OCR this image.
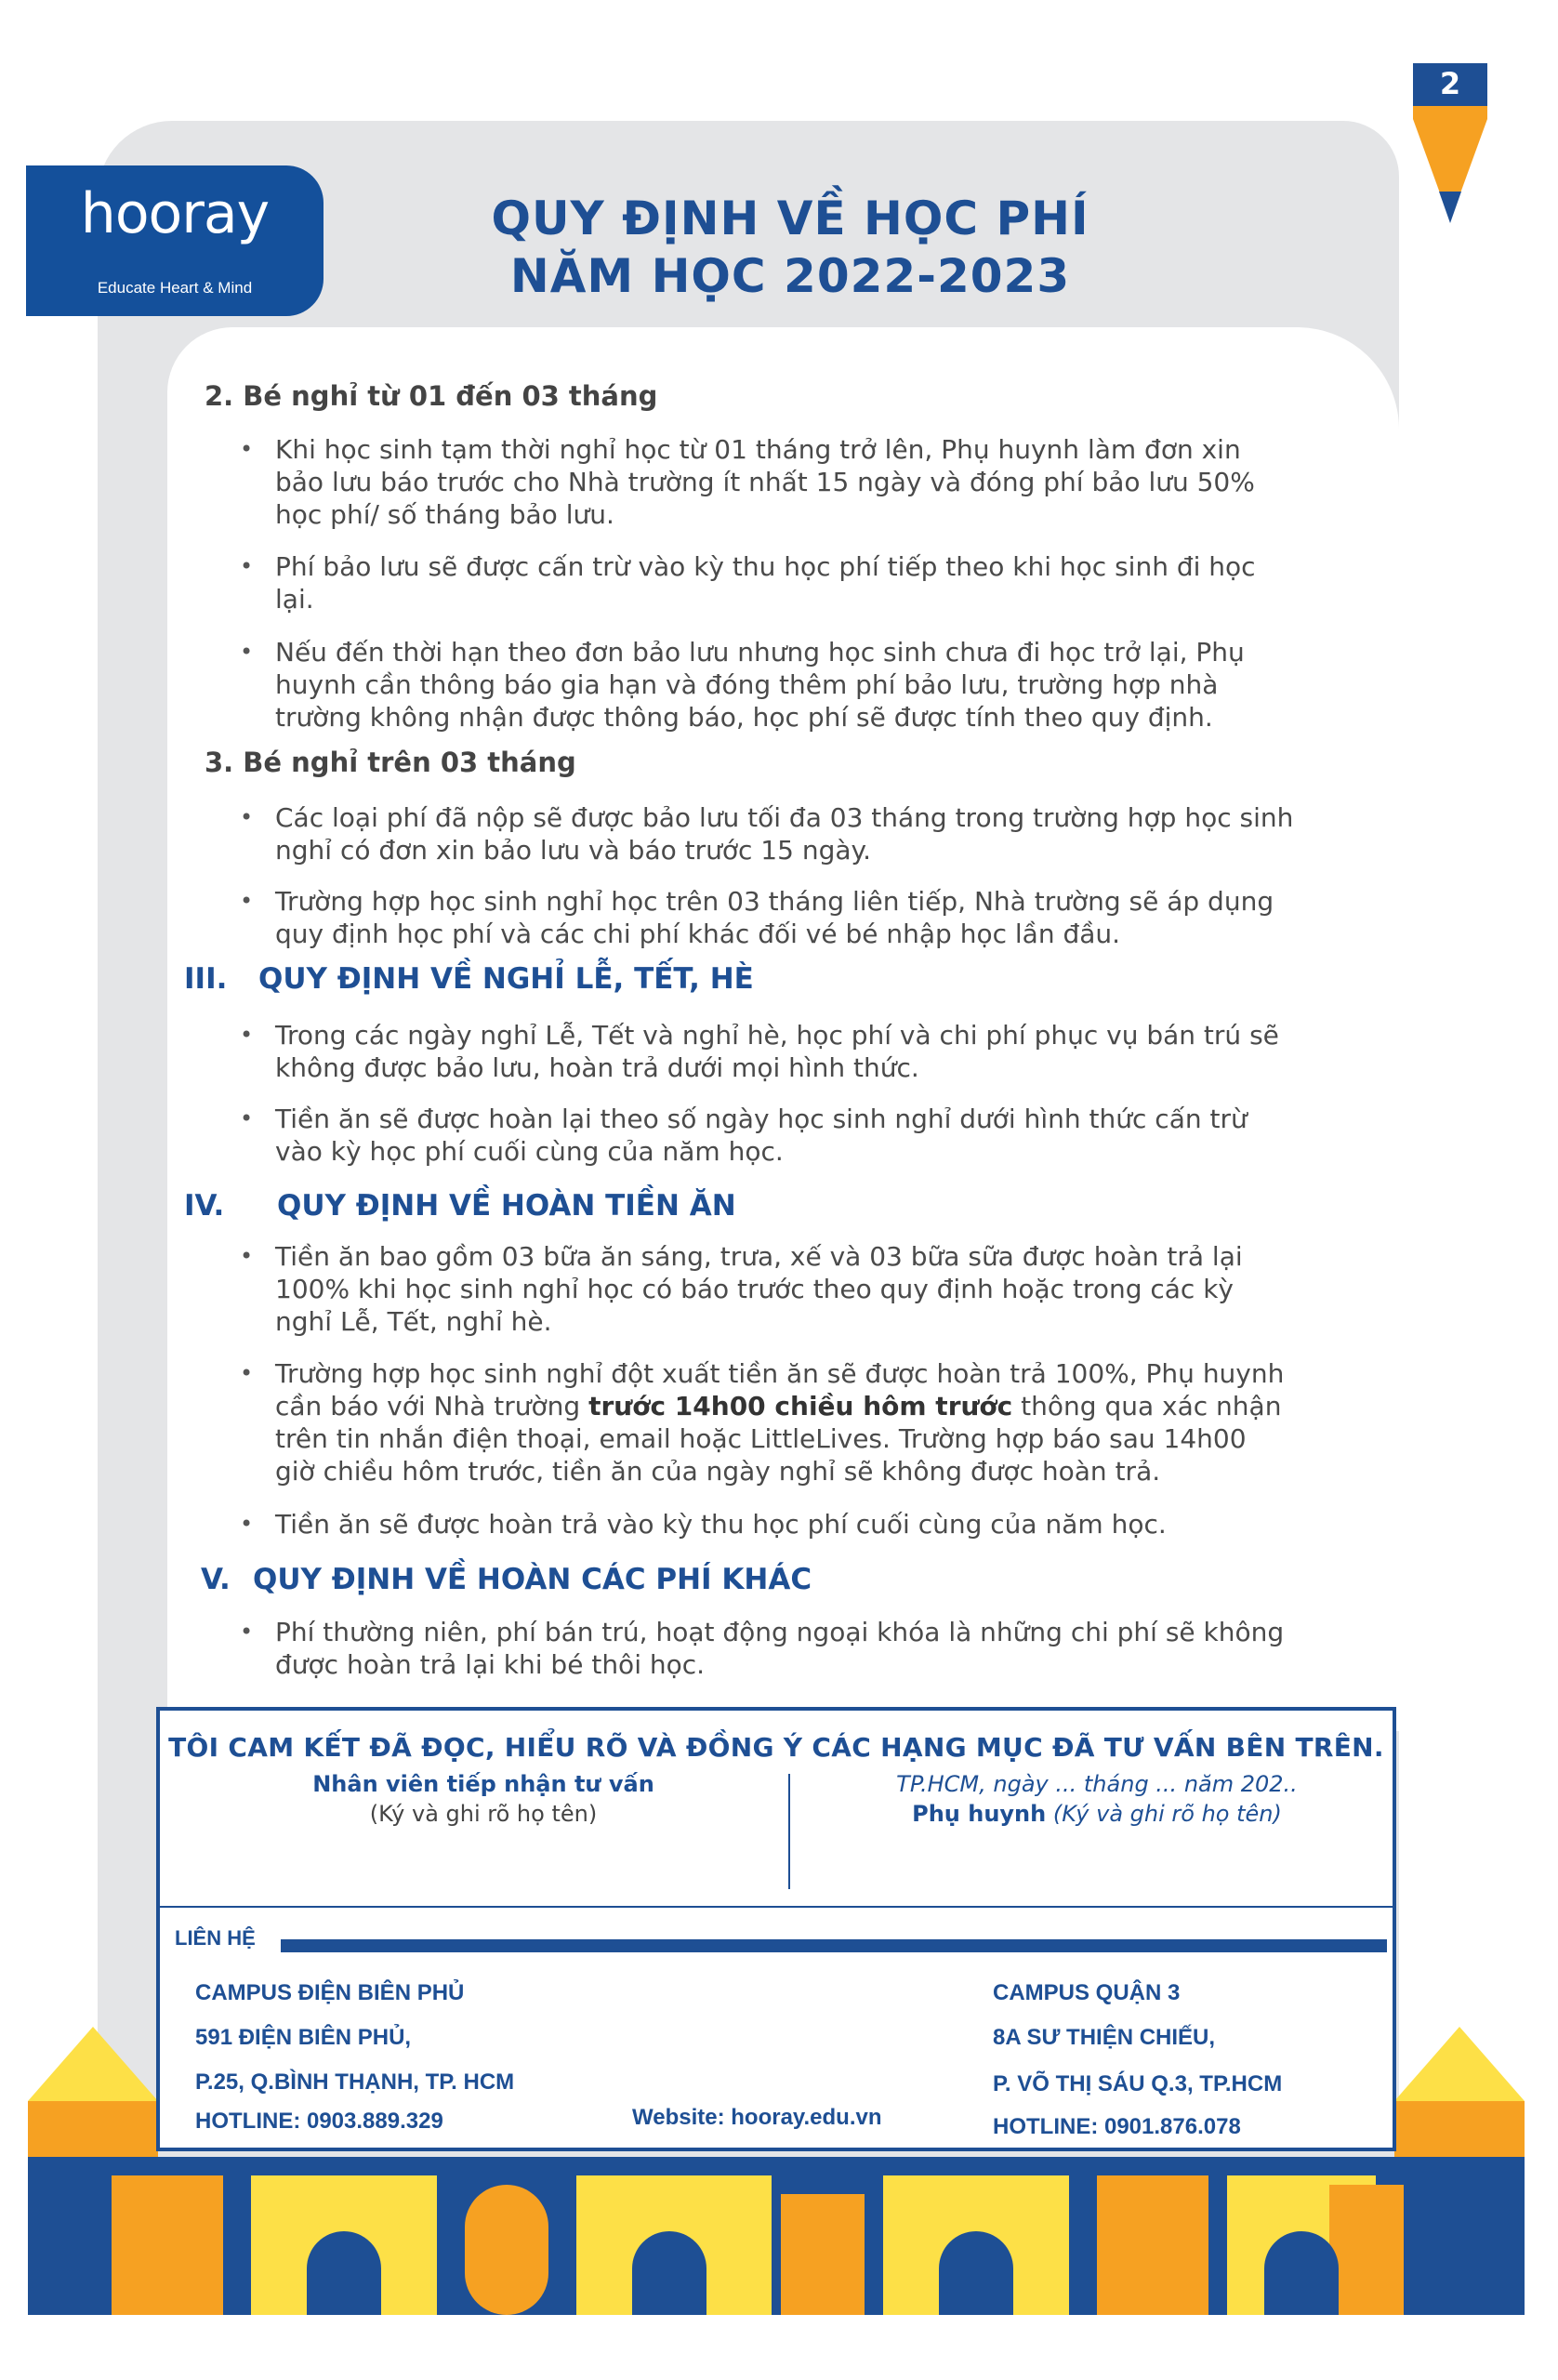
2
hooray
Educate Heart & Mind
QUY ĐỊNH VỀ HỌC PHÍ
NĂM HỌC 2022-2023
2. Bé nghỉ từ 01 đến 03 tháng
• Khi học sinh tạm thời nghỉ học từ 01 tháng trở lên, Phụ huynh làm đơn xin
bảo lưu báo trước cho Nhà trường ít nhất 15 ngày và đóng phí bảo lưu 50%
học phí/ số tháng bảo lưu.
• Phí bảo lưu sẽ được cấn trừ vào kỳ thu học phí tiếp theo khi học sinh đi học
lại.
• Nếu đến thời hạn theo đơn bảo lưu nhưng học sinh chưa đi học trở lại, Phụ
huynh cần thông báo gia hạn và đóng thêm phí bảo lưu, trường hợp nhà
trường không nhận được thông báo, học phí sẽ được tính theo quy định.
3. Bé nghỉ trên 03 tháng
• Các loại phí đã nộp sẽ được bảo lưu tối đa 03 tháng trong trường hợp học sinh
nghỉ có đơn xin bảo lưu và báo trước 15 ngày.
• Trường hợp học sinh nghỉ học trên 03 tháng liên tiếp, Nhà trường sẽ áp dụng
quy định học phí và các chi phí khác đối vé bé nhập học lần đầu.
III. QUY ĐỊNH VỀ NGHỈ LỄ, TẾT, HÈ
• Trong các ngày nghỉ Lễ, Tết và nghỉ hè, học phí và chi phí phục vụ bán trú sẽ
không được bảo lưu, hoàn trả dưới mọi hình thức.
• Tiền ăn sẽ được hoàn lại theo số ngày học sinh nghỉ dưới hình thức cấn trừ
vào kỳ học phí cuối cùng của năm học.
IV. QUY ĐỊNH VỀ HOÀN TIỀN ĂN
• Tiền ăn bao gồm 03 bữa ăn sáng, trưa, xế và 03 bữa sữa được hoàn trả lại
100% khi học sinh nghỉ học có báo trước theo quy định hoặc trong các kỳ
nghỉ Lễ, Tết, nghỉ hè.
• Trường hợp học sinh nghỉ đột xuất tiền ăn sẽ được hoàn trả 100%, Phụ huynh
cần báo với Nhà trường trước 14h00 chiều hôm trước thông qua xác nhận
trên tin nhắn điện thoại, email hoặc LittleLives. Trường hợp báo sau 14h00
giờ chiều hôm trước, tiền ăn của ngày nghỉ sẽ không được hoàn trả.
• Tiền ăn sẽ được hoàn trả vào kỳ thu học phí cuối cùng của năm học.
V. QUY ĐỊNH VỀ HOÀN CÁC PHÍ KHÁC
• Phí thường niên, phí bán trú, hoạt động ngoại khóa là những chi phí sẽ không
được hoàn trả lại khi bé thôi học.
TÔI CAM KẾT ĐÃ ĐỌC, HIỂU RÕ VÀ ĐỒNG Ý CÁC HẠNG MỤC ĐÃ TƯ VẤN BÊN TRÊN.
Nhân viên tiếp nhận tư vấn
(Ký và ghi rõ họ tên)
TP.HCM, ngày ... tháng ... năm 202..
Phụ huynh (Ký và ghi rõ họ tên)
LIÊN HỆ
CAMPUS ĐIỆN BIÊN PHỦ
591 ĐIỆN BIÊN PHỦ,
P.25, Q.BÌNH THẠNH, TP. HCM
HOTLINE: 0903.889.329	Website: hooray.edu.vn
CAMPUS QUẬN 3
8A SƯ THIỆN CHIẾU,
P. VÕ THỊ SÁU Q.3, TP.HCM
HOTLINE: 0901.876.078
